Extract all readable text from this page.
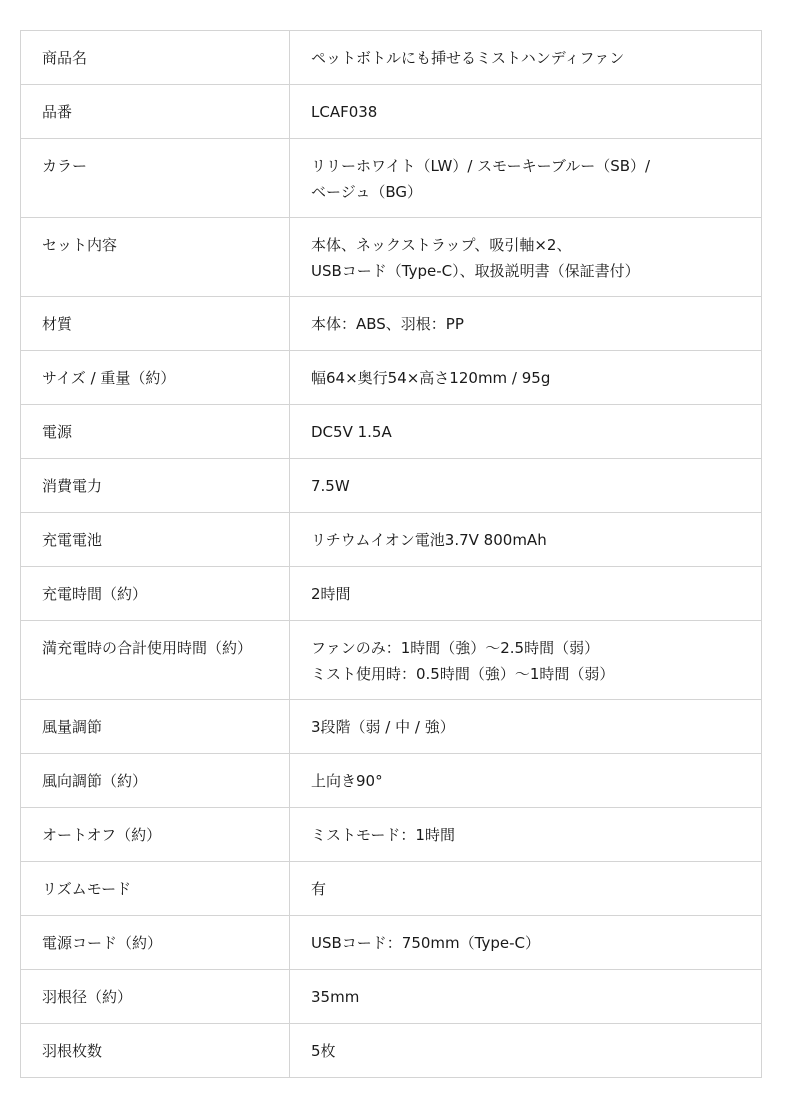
商品名	ペットボトルにも挿せるミストハンディファン
品番	LCAF038
カラー	リリーホワイト（LW）/ スモーキーブルー（SB）/
ベージュ（BG）
セット内容	本体、ネックストラップ、吸引軸×2、
USBコード（Type-C）、取扱説明書（保証書付）
材質	本体：ABS、羽根：PP
サイズ / 重量（約）	幅64×奥行54×高さ120mm / 95g
電源	DC5V 1.5A
消費電力	7.5W
充電電池	リチウムイオン電池3.7V 800mAh
充電時間（約）	2時間
満充電時の合計使用時間（約）	ファンのみ：1時間（強）〜2.5時間（弱）
ミスト使用時：0.5時間（強）〜1時間（弱）
風量調節	3段階（弱 / 中 / 強）
風向調節（約）	上向き90°
オートオフ（約）	ミストモード：1時間
リズムモード	有
電源コード（約）	USBコード：750mm（Type-C）
羽根径（約）	35mm
羽根枚数	5枚
